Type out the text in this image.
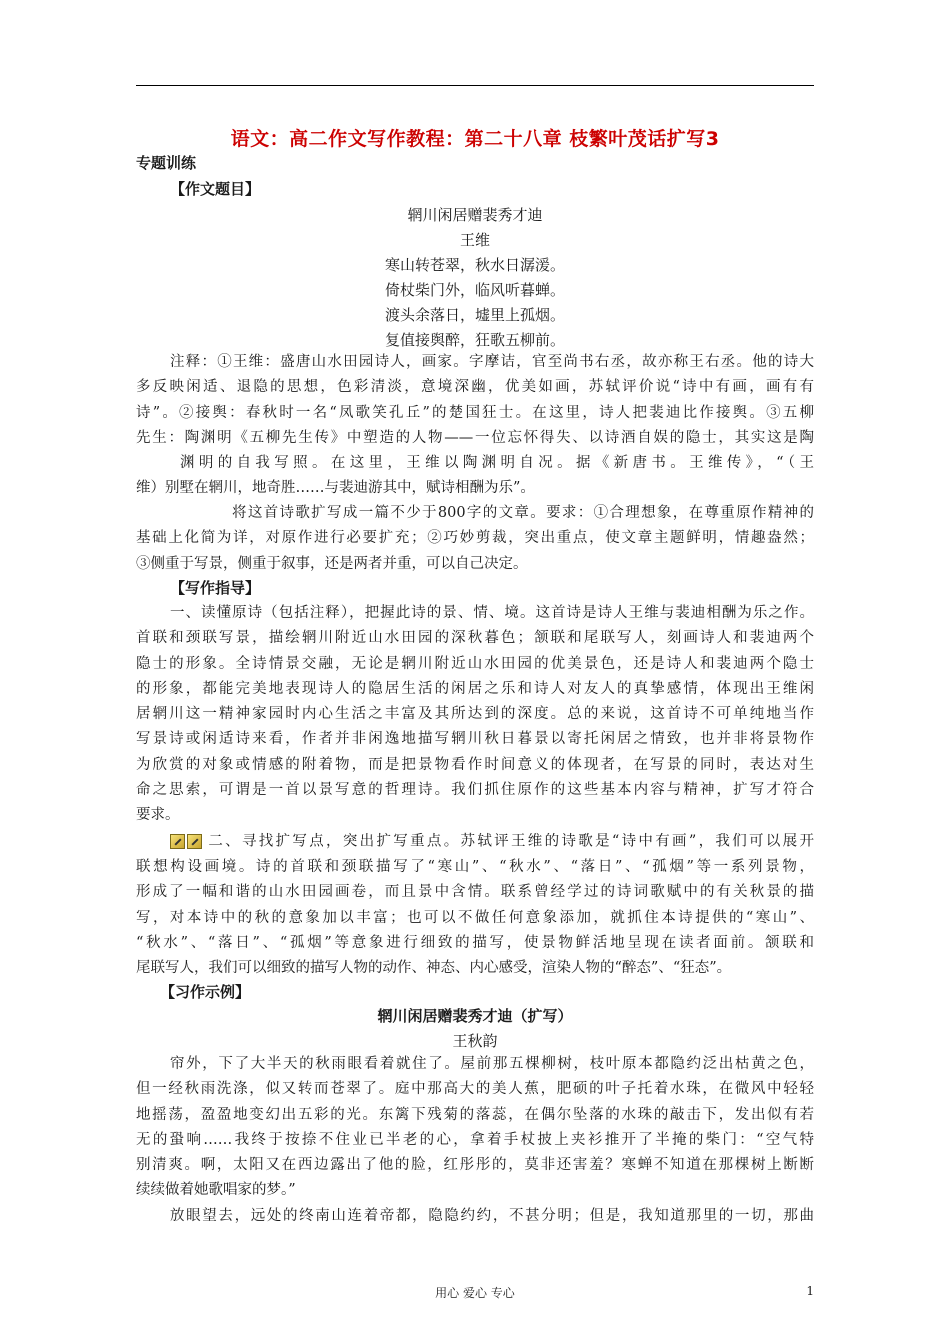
语文：高二作文写作教程：第二十八章 枝繁叶茂话扩写3
专题训练
【作文题目】
辋川闲居赠裴秀才迪
王维
寒山转苍翠，秋水日潺湲。
倚杖柴门外，临风听暮蝉。
渡头余落日，墟里上孤烟。
复值接舆醉，狂歌五柳前。
注释：①王维：盛唐山水田园诗人，画家。字摩诘，官至尚书右丞，故亦称王右丞。他的诗大
多反映闲适、退隐的思想，色彩清淡，意境深幽，优美如画，苏轼评价说“诗中有画，画有有
诗”。②接舆：春秋时一名“凤歌笑孔丘”的楚国狂士。在这里，诗人把裴迪比作接舆。③五柳
先生：陶渊明《五柳先生传》中塑造的人物——一位忘怀得失、以诗酒自娱的隐士，其实这是陶
渊明的自我写照。在这里，王维以陶渊明自况。据《新唐书。王维传》，“（王
维）别墅在辋川，地奇胜……与裴迪游其中，赋诗相酬为乐”。
将这首诗歌扩写成一篇不少于800字的文章。要求：①合理想象，在尊重原作精神的
基础上化简为详，对原作进行必要扩充；②巧妙剪裁，突出重点，使文章主题鲜明，情趣盎然；
③侧重于写景，侧重于叙事，还是两者并重，可以自己决定。
【写作指导】
一、读懂原诗（包括注释），把握此诗的景、情、境。这首诗是诗人王维与裴迪相酬为乐之作。
首联和颈联写景，描绘辋川附近山水田园的深秋暮色；颔联和尾联写人，刻画诗人和裴迪两个
隐士的形象。全诗情景交融，无论是辋川附近山水田园的优美景色，还是诗人和裴迪两个隐士
的形象，都能完美地表现诗人的隐居生活的闲居之乐和诗人对友人的真挚感情，体现出王维闲
居辋川这一精神家园时内心生活之丰富及其所达到的深度。总的来说，这首诗不可单纯地当作
写景诗或闲适诗来看，作者并非闲逸地描写辋川秋日暮景以寄托闲居之情致，也并非将景物作
为欣赏的对象或情感的附着物，而是把景物看作时间意义的体现者，在写景的同时，表达对生
命之思索，可谓是一首以景写意的哲理诗。我们抓住原作的这些基本内容与精神，扩写才符合
要求。
二、寻找扩写点，突出扩写重点。苏轼评王维的诗歌是“诗中有画”，我们可以展开
联想构设画境。诗的首联和颈联描写了“寒山”、“秋水”、“落日”、“孤烟”等一系列景物，
形成了一幅和谐的山水田园画卷，而且景中含情。联系曾经学过的诗词歌赋中的有关秋景的描
写，对本诗中的秋的意象加以丰富；也可以不做任何意象添加，就抓住本诗提供的“寒山”、
“秋水”、“落日”、“孤烟”等意象进行细致的描写，使景物鲜活地呈现在读者面前。颔联和
尾联写人，我们可以细致的描写人物的动作、神态、内心感受，渲染人物的“醉态”、“狂态”。
【习作示例】
辋川闲居赠裴秀才迪（扩写）
王秋韵
帘外，下了大半天的秋雨眼看着就住了。屋前那五棵柳树，枝叶原本都隐约泛出枯黄之色，
但一经秋雨洗涤，似又转而苍翠了。庭中那高大的美人蕉，肥硕的叶子托着水珠，在微风中轻轻
地摇荡，盈盈地变幻出五彩的光。东篱下残菊的落蕊，在偶尔坠落的水珠的敲击下，发出似有若
无的蛩响……我终于按捺不住业已半老的心，拿着手杖披上夹衫推开了半掩的柴门：“空气特
别清爽。啊，太阳又在西边露出了他的脸，红彤彤的，莫非还害羞？寒蝉不知道在那棵树上断断
续续做着她歌唱家的梦。”
放眼望去，远处的终南山连着帝都，隐隐约约，不甚分明；但是，我知道那里的一切，那曲
用心 爱心 专心	1
